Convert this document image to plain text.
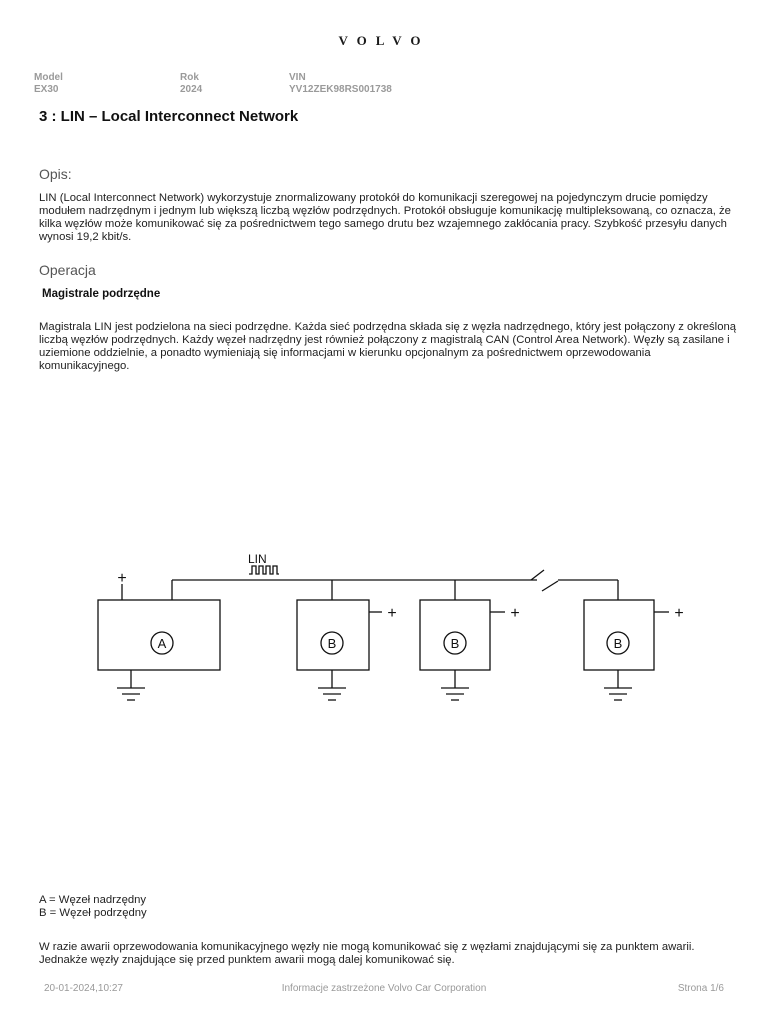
VOLVO
Model
EX30
Rok
2024
VIN
YV12ZEK98RS001738
3 : LIN – Local Interconnect Network
Opis:
LIN (Local Interconnect Network) wykorzystuje znormalizowany protokół do komunikacji szeregowej na pojedynczym drucie pomiędzy modułem nadrzędnym i jednym lub większą liczbą węzłów podrzędnych. Protokół obsługuje komunikację multipleksowaną, co oznacza, że kilka węzłów może komunikować się za pośrednictwem tego samego drutu bez wzajemnego zakłócania pracy. Szybkość przesyłu danych wynosi 19,2 kbit/s.
Operacja
Magistrale podrzędne
Magistrala LIN jest podzielona na sieci podrzędne. Każda sieć podrzędna składa się z węzła nadrzędnego, który jest połączony z określoną liczbą węzłów podrzędnych. Każdy węzeł nadrzędny jest również połączony z magistralą CAN (Control Area Network). Węzły są zasilane i uziemione oddzielnie, a ponadto wymieniają się informacjami w kierunku opcjonalnym za pośrednictwem oprzewodowania komunikacyjnego.
LIN
+
+	+	+
A	B	B	B
A = Węzeł nadrzędny
B = Węzeł podrzędny
W razie awarii oprzewodowania komunikacyjnego węzły nie mogą komunikować się z węzłami znajdującymi się za punktem awarii. Jednakże węzły znajdujące się przed punktem awarii mogą dalej komunikować się.
20-01-2024,10:27	Informacje zastrzeżone Volvo Car Corporation	Strona 1/6
